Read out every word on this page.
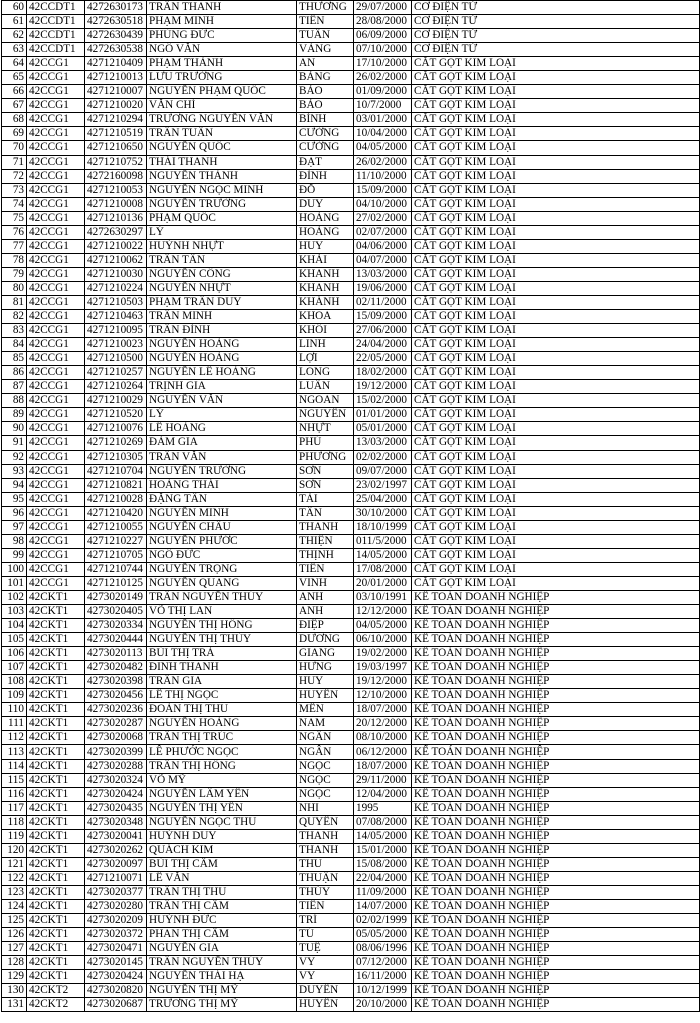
60	42CCDT1	4272630173	TRẦN THANH	THƯƠNG	29/07/2000	CƠ ĐIỆN TỬ
61	42CCDT1	4272630518	PHẠM MINH	TIẾN	28/08/2000	CƠ ĐIỆN TỬ
62	42CCDT1	4272630439	PHÙNG ĐỨC	TUẤN	06/09/2000	CƠ ĐIỆN TỬ
63	42CCDT1	4272630538	NGÔ VĂN	VÀNG	07/10/2000	CƠ ĐIỆN TỬ
64	42CCG1	4271210409	PHẠM THÀNH	AN	17/10/2000	CẮT GỌT KIM LOẠI
65	42CCG1	4271210013	LƯU TRƯỜNG	BẢNG	26/02/2000	CẮT GỌT KIM LOẠI
66	42CCG1	4271210007	NGUYỄN PHẠM QUỐC	BẢO	01/09/2000	CẮT GỌT KIM LOẠI
67	42CCG1	4271210020	VĂN CHÍ	BẢO	10/7/2000	CẮT GỌT KIM LOẠI
68	42CCG1	4271210294	TRƯƠNG NGUYỄN VĂN	BÌNH	03/01/2000	CẮT GỌT KIM LOẠI
69	42CCG1	4271210519	TRẦN TUẤN	CƯỜNG	10/04/2000	CẮT GỌT KIM LOẠI
70	42CCG1	4271210650	NGUYỄN QUỐC	CƯỜNG	04/05/2000	CẮT GỌT KIM LOẠI
71	42CCG1	4271210752	THÁI THANH	ĐẠT	26/02/2000	CẮT GỌT KIM LOẠI
72	42CCG1	4272160098	NGUYỄN THÀNH	ĐÌNH	11/10/2000	CẮT GỌT KIM LOẠI
73	42CCG1	4271210053	NGUYỄN NGỌC MINH	ĐỖ	15/09/2000	CẮT GỌT KIM LOẠI
74	42CCG1	4271210008	NGUYỄN TRƯỜNG	DUY	04/10/2000	CẮT GỌT KIM LOẠI
75	42CCG1	4271210136	PHẠM QUỐC	HOÀNG	27/02/2000	CẮT GỌT KIM LOẠI
76	42CCG1	4272630297	LÝ	HOÀNG	02/07/2000	CẮT GỌT KIM LOẠI
77	42CCG1	4271210022	HUỲNH NHỰT	HUY	04/06/2000	CẮT GỌT KIM LOẠI
78	42CCG1	4271210062	TRẦN TẤN	KHẢI	04/07/2000	CẮT GỌT KIM LOẠI
79	42CCG1	4271210030	NGUYỄN CÔNG	KHANH	13/03/2000	CẮT GỌT KIM LOẠI
80	42CCG1	4271210224	NGUYỄN NHỰT	KHANH	19/06/2000	CẮT GỌT KIM LOẠI
81	42CCG1	4271210503	PHẠM TRẦN DUY	KHÁNH	02/11/2000	CẮT GỌT KIM LOẠI
82	42CCG1	4271210463	TRẦN MINH	KHOA	15/09/2000	CẮT GỌT KIM LOẠI
83	42CCG1	4271210095	TRẦN ĐÌNH	KHÔI	27/06/2000	CẮT GỌT KIM LOẠI
84	42CCG1	4271210023	NGUYỄN HOÀNG	LINH	24/04/2000	CẮT GỌT KIM LOẠI
85	42CCG1	4271210500	NGUYỄN HOÀNG	LỢI	22/05/2000	CẮT GỌT KIM LOẠI
86	42CCG1	4271210257	NGUYỄN LÊ HOÀNG	LONG	18/02/2000	CẮT GỌT KIM LOẠI
87	42CCG1	4271210264	TRỊNH GIA	LUÂN	19/12/2000	CẮT GỌT KIM LOẠI
88	42CCG1	4271210029	NGUYỄN VĂN	NGOAN	15/02/2000	CẮT GỌT KIM LOẠI
89	42CCG1	4271210520	LÝ	NGUYÊN	01/01/2000	CẮT GỌT KIM LOẠI
90	42CCG1	4271210076	LÊ HOÀNG	NHỰT	05/01/2000	CẮT GỌT KIM LOẠI
91	42CCG1	4271210269	ĐÀM GIA	PHÚ	13/03/2000	CẮT GỌT KIM LOẠI
92	42CCG1	4271210305	TRẦN VĂN	PHƯƠNG	02/02/2000	CẮT GỌT KIM LOẠI
93	42CCG1	4271210704	NGUYỄN TRƯỜNG	SƠN	09/07/2000	CẮT GỌT KIM LOẠI
94	42CCG1	4271210821	HOÀNG THÁI	SƠN	23/02/1997	CẮT GỌT KIM LOẠI
95	42CCG1	4271210028	ĐẶNG TẤN	TÀI	25/04/2000	CẮT GỌT KIM LOẠI
96	42CCG1	4271210420	NGUYỄN MINH	TÂN	30/10/2000	CẮT GỌT KIM LOẠI
97	42CCG1	4271210055	NGUYỄN CHÂU	THANH	18/10/1999	CẮT GỌT KIM LOẠI
98	42CCG1	4271210227	NGUYỄN PHƯỚC	THIỆN	011/5/2000	CẮT GỌT KIM LOẠI
99	42CCG1	4271210705	NGÔ ĐỨC	THỊNH	14/05/2000	CẮT GỌT KIM LOẠI
100	42CCG1	4271210744	NGUYỄN TRỌNG	TIẾN	17/08/2000	CẮT GỌT KIM LOẠI
101	42CCG1	4271210125	NGUYỄN QUANG	VINH	20/01/2000	CẮT GỌT KIM LOẠI
102	42CKT1	4273020149	TRẦN NGUYỄN THÚY	ANH	03/10/1991	KẾ TOÁN DOANH NGHIỆP
103	42CKT1	4273020405	VÕ THỊ LAN	ANH	12/12/2000	KẾ TOÁN DOANH NGHIỆP
104	42CKT1	4273020334	NGUYỄN THỊ HỒNG	ĐIỆP	04/05/2000	KẾ TOÁN DOANH NGHIỆP
105	42CKT1	4273020444	NGUYỄN THỊ THÙY	DƯƠNG	06/10/2000	KẾ TOÁN DOANH NGHIỆP
106	42CKT1	4273020113	BÙI THỊ TRÀ	GIANG	19/02/2000	KẾ TOÁN DOANH NGHIỆP
107	42CKT1	4273020482	ĐINH THANH	HƯNG	19/03/1997	KẾ TOÁN DOANH NGHIỆP
108	42CKT1	4273020398	TRẦN GIA	HUY	19/12/2000	KẾ TOÁN DOANH NGHIỆP
109	42CKT1	4273020456	LÊ THỊ NGỌC	HUYỀN	12/10/2000	KẾ TOÁN DOANH NGHIỆP
110	42CKT1	4273020236	ĐOÀN THỊ THU	MẾN	18/07/2000	KẾ TOÁN DOANH NGHIỆP
111	42CKT1	4273020287	NGUYỄN HOÀNG	NAM	20/12/2000	KẾ TOÁN DOANH NGHIỆP
112	42CKT1	4273020068	TRẦN THỊ TRÚC	NGÂN	08/10/2000	KẾ TOÁN DOANH NGHIỆP
113	42CKT1	4273020399	LÊ PHƯỚC NGỌC	NGÂN	06/12/2000	KẾ TOÁN DOANH NGHIỆP
114	42CKT1	4273020288	TRẦN THỊ HỒNG	NGỌC	18/07/2000	KẾ TOÁN DOANH NGHIỆP
115	42CKT1	4273020324	VÕ MỸ	NGỌC	29/11/2000	KẾ TOÁN DOANH NGHIỆP
116	42CKT1	4273020424	NGUYỄN LÂM YẾN	NGỌC	12/04/2000	KẾ TOÁN DOANH NGHIỆP
117	42CKT1	4273020435	NGUYỄN THỊ YẾN	NHI	1995	KẾ TOÁN DOANH NGHIỆP
118	42CKT1	4273020348	NGUYỄN NGỌC THU	QUYÊN	07/08/2000	KẾ TOÁN DOANH NGHIỆP
119	42CKT1	4273020041	HUỲNH DUY	THANH	14/05/2000	KẾ TOÁN DOANH NGHIỆP
120	42CKT1	4273020262	QUÁCH KIM	THANH	15/01/2000	KẾ TOÁN DOANH NGHIỆP
121	42CKT1	4273020097	BÙI THỊ CẨM	THU	15/08/2000	KẾ TOÁN DOANH NGHIỆP
122	42CKT1	4271210071	LÊ VĂN	THUẬN	22/04/2000	KẾ TOÁN DOANH NGHIỆP
123	42CKT1	4273020377	TRẦN THỊ THU	THỦY	11/09/2000	KẾ TOÁN DOANH NGHIỆP
124	42CKT1	4273020280	TRẦN THỊ CẨM	TIÊN	14/07/2000	KẾ TOÁN DOANH NGHIỆP
125	42CKT1	4273020209	HUỲNH ĐỨC	TRÍ	02/02/1999	KẾ TOÁN DOANH NGHIỆP
126	42CKT1	4273020372	PHAN THỊ CẨM	TÚ	05/05/2000	KẾ TOÁN DOANH NGHIỆP
127	42CKT1	4273020471	NGUYỄN GIA	TUỆ	08/06/1996	KẾ TOÁN DOANH NGHIỆP
128	42CKT1	4273020145	TRẦN NGUYỄN THÚY	VY	07/12/2000	KẾ TOÁN DOANH NGHIỆP
129	42CKT1	4273020424	NGUYỄN THÁI HẠ	VY	16/11/2000	KẾ TOÁN DOANH NGHIỆP
130	42CKT2	4273020820	NGUYỄN THỊ MỸ	DUYÊN	10/12/1999	KẾ TOÁN DOANH NGHIỆP
131	42CKT2	4273020687	TRƯƠNG THỊ MỸ	HUYỀN	20/10/2000	KẾ TOÁN DOANH NGHIỆP
